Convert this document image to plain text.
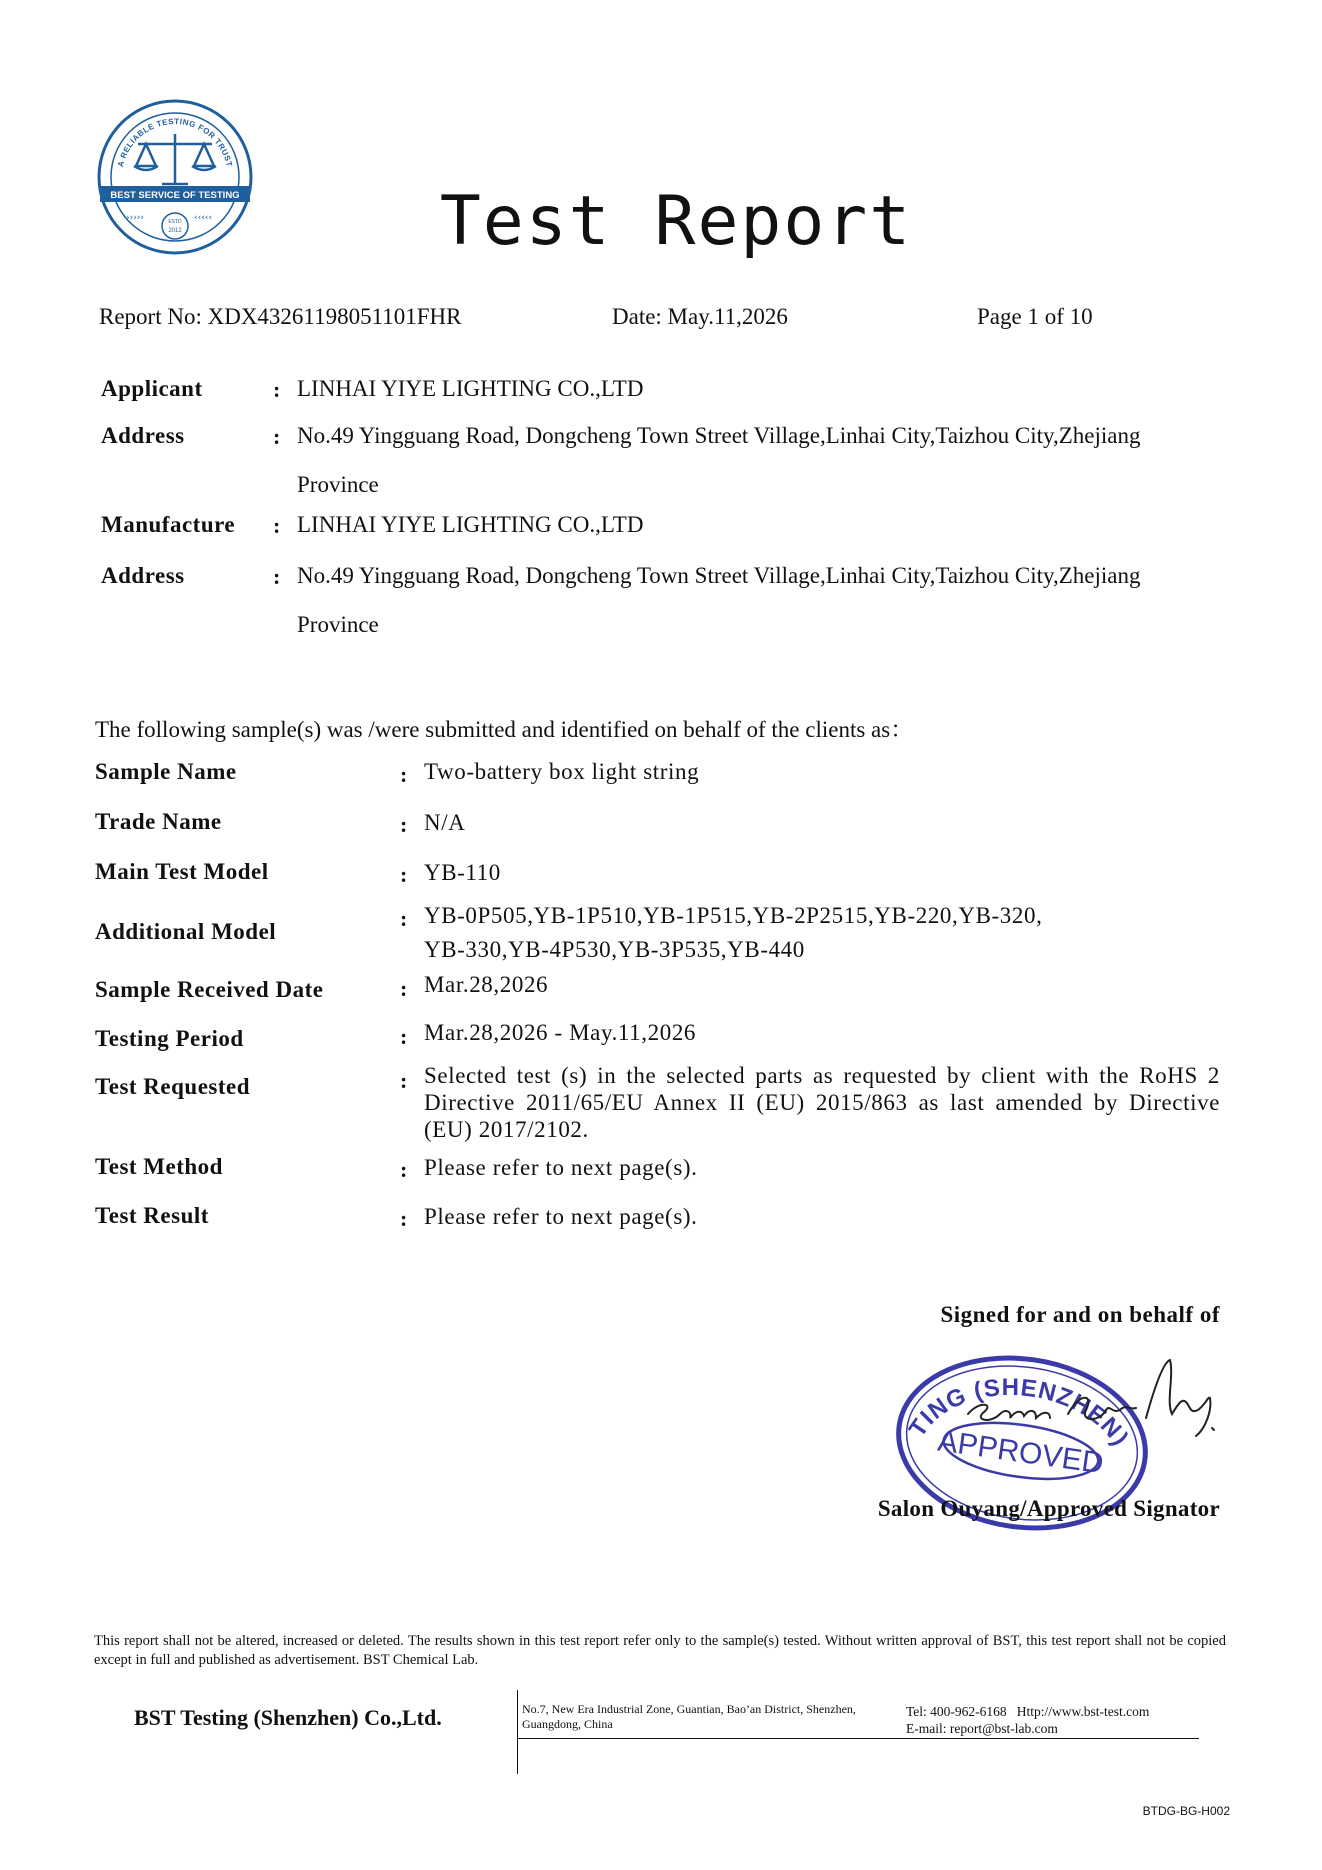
A RELIABLE TESTING FOR TRUST
BEST SERVICE OF TESTING
›››››	‹‹‹‹‹
ESTD
2012	Test Report
Report No: XDX43261198051101FHR	Date: May.11,2026	Page 1 of 10
Applicant	: LINHAI YIYE LIGHTING CO.,LTD
Address	: No.49 Yingguang Road, Dongcheng Town Street Village,Linhai City,Taizhou City,Zhejiang
Province
Manufacture : LINHAI YIYE LIGHTING CO.,LTD
Address	: No.49 Yingguang Road, Dongcheng Town Street Village,Linhai City,Taizhou City,Zhejiang
Province
The following sample(s) was /were submitted and identified on behalf of the clients as：
Sample Name	: Two-battery box light string
Trade Name	: N/A
Main Test Model	: YB-110
Additional Model
: YB-0P505,YB-1P510,YB-1P515,YB-2P2515,YB-220,YB-320,
YB-330,YB-4P530,YB-3P535,YB-440
Sample Received Date	: Mar.28,2026
Testing Period	: Mar.28,2026 - May.11,2026
Test Requested	: Selected test (s) in the selected parts as requested by client with the RoHS 2 Directive 2011/65/EU Annex II (EU) 2015/863 as last amended by Directive (EU) 2017/2102.
Test Method	: Please refer to next page(s).
Test Result	: Please refer to next page(s).
Signed for and on behalf of
TESTING (SHENZHEN)
APPROVED
Salon Ouyang/Approved Signator
This report shall not be altered, increased or deleted. The results shown in this test report refer only to the sample(s) tested. Without written approval of BST, this test report shall not be copied except in full and published as advertisement. BST Chemical Lab.
BST Testing (Shenzhen) Co.,Ltd.	No.7, New Era Industrial Zone, Guantian, Bao’an District, Shenzhen,
Guangdong, China
Tel: 400-962-6168   Http://www.bst-test.com
E-mail: report@bst-lab.com
BTDG-BG-H002
